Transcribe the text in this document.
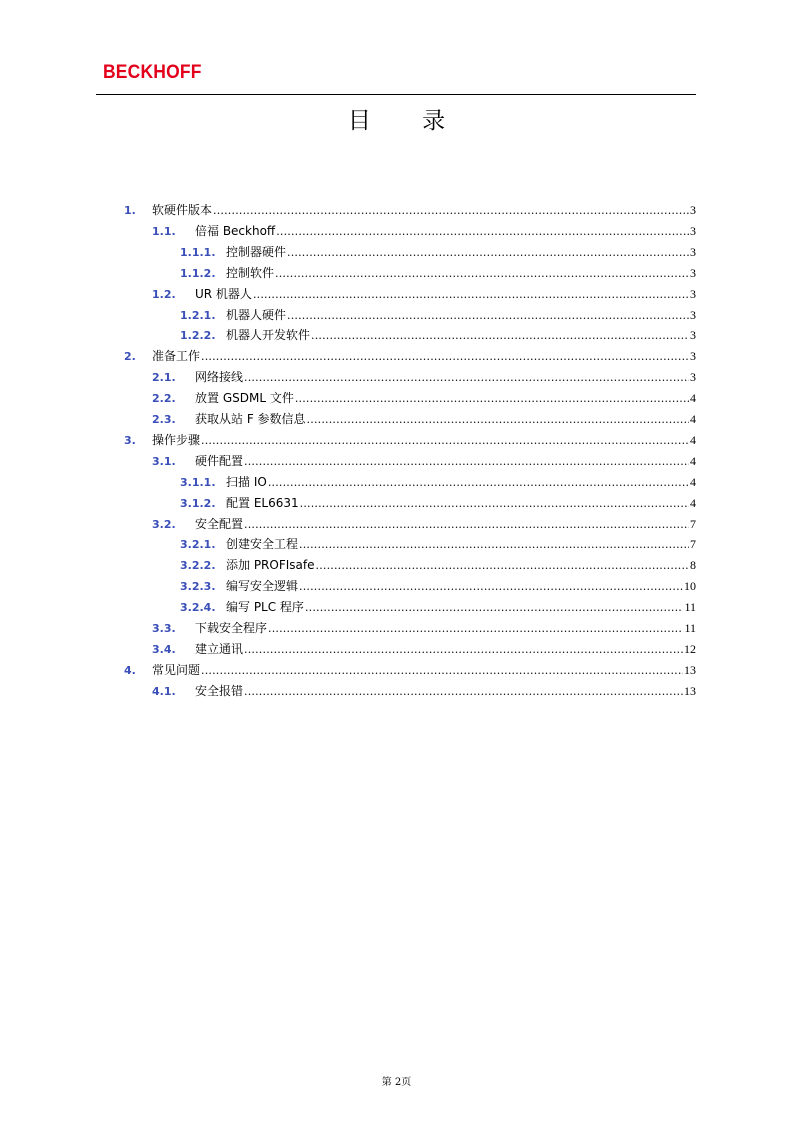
BECKHOFF
目 录
1.	软硬件版本 .....	3
1.1.	倍福 Beckhoff .....	3
1.1.1. 控制器硬件 .....	3
1.1.2. 控制软件 .....	3
1.2.	UR 机器人 .....	3
1.2.1. 机器人硬件 .....	3
1.2.2. 机器人开发软件 .....	3
2.	准备工作 .....	3
2.1.	网络接线 .....	3
2.2.	放置 GSDML 文件 .....	4
2.3.	获取从站 F 参数信息 .....	4
3.	操作步骤 .....	4
3.1.	硬件配置 .....	4
3.1.1. 扫描 IO .....	4
3.1.2. 配置 EL6631 .....	4
3.2.	安全配置 .....	7
3.2.1. 创建安全工程 .....	7
3.2.2. 添加 PROFIsafe .....	8
3.2.3. 编写安全逻辑 .....	10
3.2.4. 编写 PLC 程序 .....	11
3.3.	下载安全程序 .....	11
3.4.	建立通讯 .....	12
4.	常见问题 .....	13
4.1.	安全报错 .....	13
第 2页
